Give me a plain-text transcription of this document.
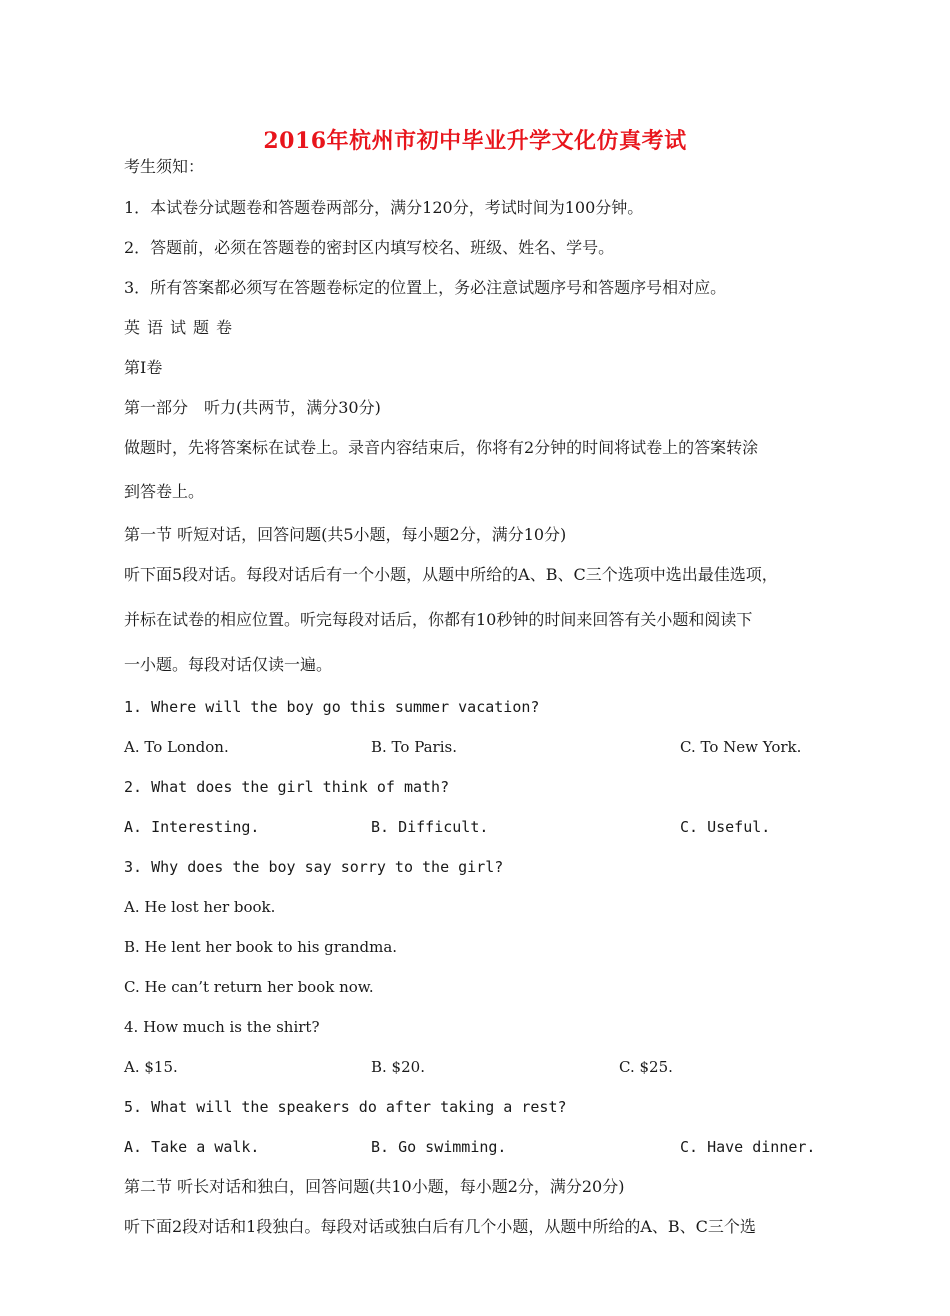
2016年杭州市初中毕业升学文化仿真考试
考生须知：
1．本试卷分试题卷和答题卷两部分，满分120分，考试时间为100分钟。
2．答题前，必须在答题卷的密封区内填写校名、班级、姓名、学号。
3．所有答案都必须写在答题卷标定的位置上，务必注意试题序号和答题序号相对应。
英语试题卷
第Ⅰ卷
第一部分　听力(共两节，满分30分)
做题时，先将答案标在试卷上。录音内容结束后，你将有2分钟的时间将试卷上的答案转涂
到答卷上。
第一节 听短对话，回答问题(共5小题，每小题2分，满分10分)
听下面5段对话。每段对话后有一个小题，从题中所给的A、B、C三个选项中选出最佳选项，
并标在试卷的相应位置。听完每段对话后，你都有10秒钟的时间来回答有关小题和阅读下
一小题。每段对话仅读一遍。
1. Where will the boy go this summer vacation?
A. To London.	B. To Paris.	C. To New York.
2. What does the girl think of math?
A. Interesting.	B. Difficult.	C. Useful.
3. Why does the boy say sorry to the girl?
A. He lost her book.
B. He lent her book to his grandma.
C. He can’t return her book now.
4. How much is the shirt?
A. $15.	B. $20.	C. $25.
5. What will the speakers do after taking a rest?
A. Take a walk.	B. Go swimming.	C. Have dinner.
第二节 听长对话和独白，回答问题(共10小题，每小题2分，满分20分)
听下面2段对话和1段独白。每段对话或独白后有几个小题，从题中所给的A、B、C三个选
